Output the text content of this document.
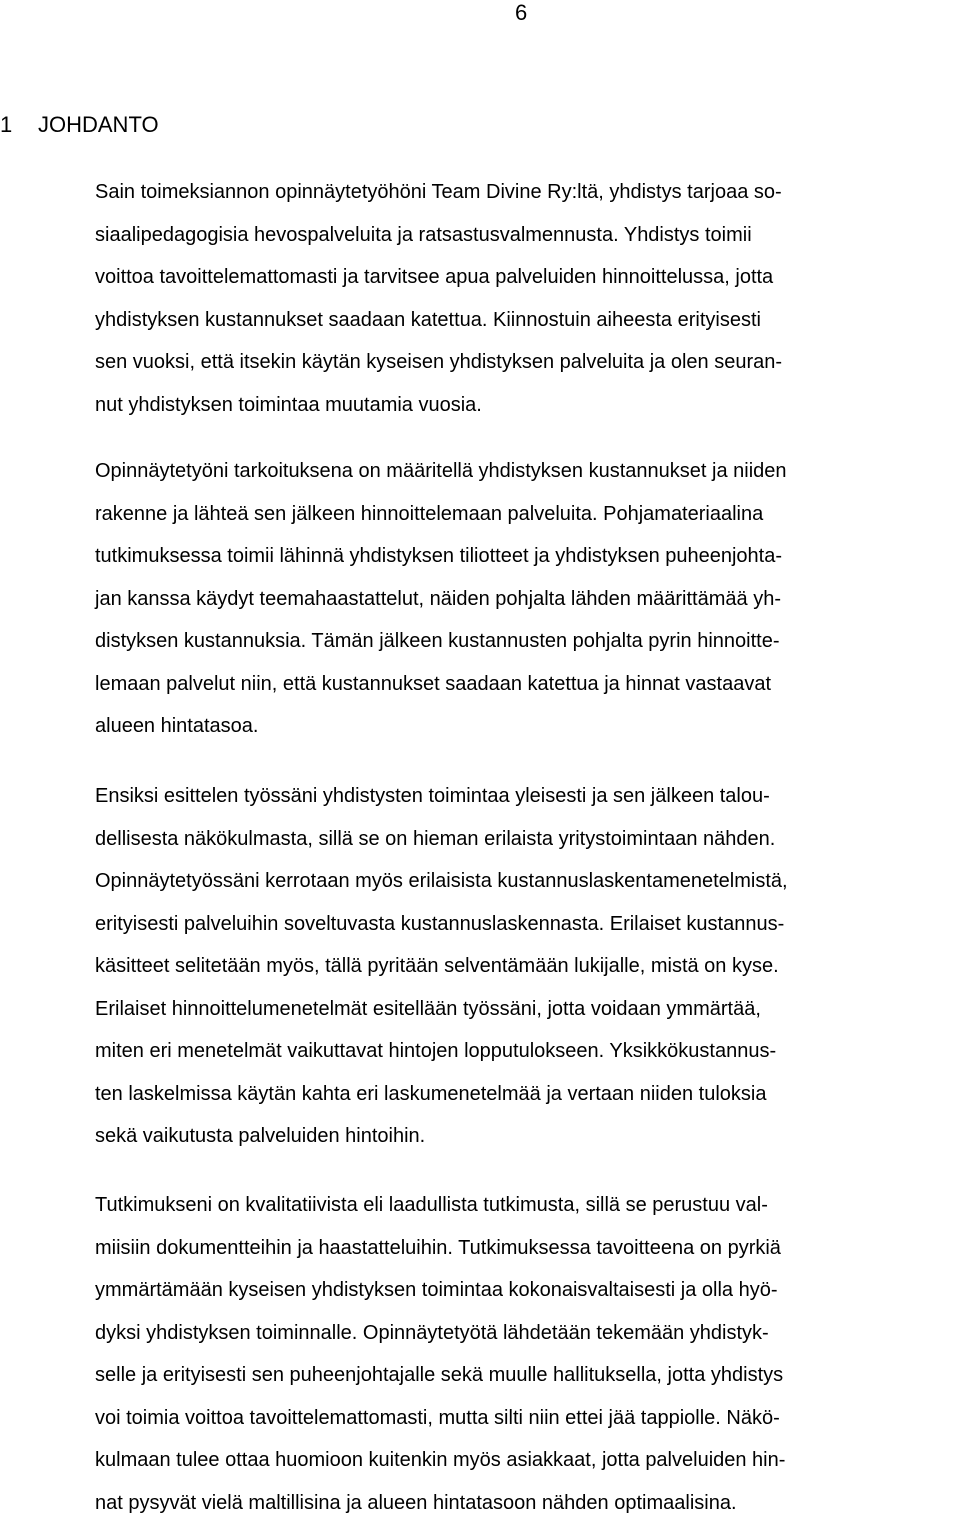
6
1 JOHDANTO
Sain toimeksiannon opinnäytetyöhöni Team Divine Ry:ltä, yhdistys tarjoaa so-
siaalipedagogisia hevospalveluita ja ratsastusvalmennusta. Yhdistys toimii
voittoa tavoittelemattomasti ja tarvitsee apua palveluiden hinnoittelussa, jotta
yhdistyksen kustannukset saadaan katettua. Kiinnostuin aiheesta erityisesti
sen vuoksi, että itsekin käytän kyseisen yhdistyksen palveluita ja olen seuran-
nut yhdistyksen toimintaa muutamia vuosia.
Opinnäytetyöni tarkoituksena on määritellä yhdistyksen kustannukset ja niiden
rakenne ja lähteä sen jälkeen hinnoittelemaan palveluita. Pohjamateriaalina
tutkimuksessa toimii lähinnä yhdistyksen tiliotteet ja yhdistyksen puheenjohta-
jan kanssa käydyt teemahaastattelut, näiden pohjalta lähden määrittämää yh-
distyksen kustannuksia. Tämän jälkeen kustannusten pohjalta pyrin hinnoitte-
lemaan palvelut niin, että kustannukset saadaan katettua ja hinnat vastaavat
alueen hintatasoa.
Ensiksi esittelen työssäni yhdistysten toimintaa yleisesti ja sen jälkeen talou-
dellisesta näkökulmasta, sillä se on hieman erilaista yritystoimintaan nähden.
Opinnäytetyössäni kerrotaan myös erilaisista kustannuslaskentamenetelmistä,
erityisesti palveluihin soveltuvasta kustannuslaskennasta. Erilaiset kustannus-
käsitteet selitetään myös, tällä pyritään selventämään lukijalle, mistä on kyse.
Erilaiset hinnoittelumenetelmät esitellään työssäni, jotta voidaan ymmärtää,
miten eri menetelmät vaikuttavat hintojen lopputulokseen. Yksikkökustannus-
ten laskelmissa käytän kahta eri laskumenetelmää ja vertaan niiden tuloksia
sekä vaikutusta palveluiden hintoihin.
Tutkimukseni on kvalitatiivista eli laadullista tutkimusta, sillä se perustuu val-
miisiin dokumentteihin ja haastatteluihin. Tutkimuksessa tavoitteena on pyrkiä
ymmärtämään kyseisen yhdistyksen toimintaa kokonaisvaltaisesti ja olla hyö-
dyksi yhdistyksen toiminnalle. Opinnäytetyötä lähdetään tekemään yhdistyk-
selle ja erityisesti sen puheenjohtajalle sekä muulle hallituksella, jotta yhdistys
voi toimia voittoa tavoittelemattomasti, mutta silti niin ettei jää tappiolle. Näkö-
kulmaan tulee ottaa huomioon kuitenkin myös asiakkaat, jotta palveluiden hin-
nat pysyvät vielä maltillisina ja alueen hintatasoon nähden optimaalisina.
